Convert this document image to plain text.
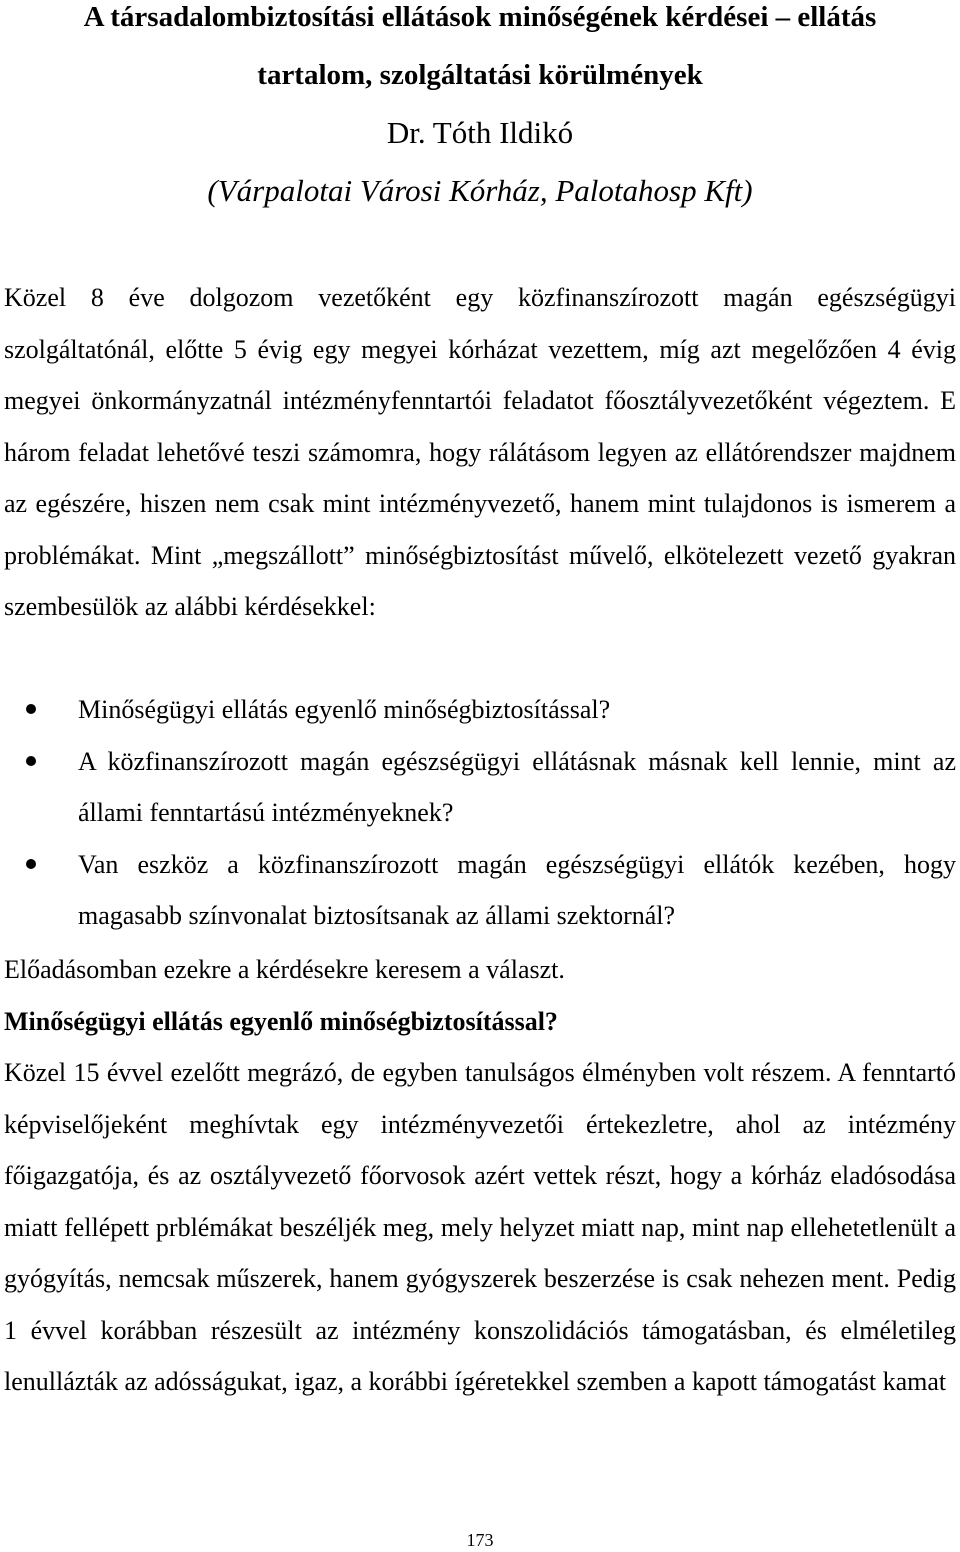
A társadalombiztosítási ellátások minőségének kérdései – ellátás
tartalom, szolgáltatási körülmények
Dr. Tóth Ildikó
(Várpalotai Városi Kórház, Palotahosp Kft)

Közel 8 éve dolgozom vezetőként egy közfinanszírozott magán egészségügyi szolgáltatónál, előtte 5 évig egy megyei kórházat vezettem, míg azt megelőzően 4 évig megyei önkormányzatnál intézményfenntartói feladatot főosztályvezetőként végeztem. E három feladat lehetővé teszi számomra, hogy rálátásom legyen az ellátórendszer majdnem az egészére, hiszen nem csak mint intézményvezető, hanem mint tulajdonos is ismerem a problémákat. Mint „megszállott” minőségbiztosítást művelő, elkötelezett vezető gyakran szembesülök az alábbi kérdésekkel:

Minőségügyi ellátás egyenlő minőségbiztosítással?
A közfinanszírozott magán egészségügyi ellátásnak másnak kell lennie, mint az állami fenntartású intézményeknek?
Van eszköz a közfinanszírozott magán egészségügyi ellátók kezében, hogy magasabb színvonalat biztosítsanak az állami szektornál?
Előadásomban ezekre a kérdésekre keresem a választ.
Minőségügyi ellátás egyenlő minőségbiztosítással?

Közel 15 évvel ezelőtt megrázó, de egyben tanulságos élményben volt részem. A fenntartó képviselőjeként meghívtak egy intézményvezetői értekezletre, ahol az intézmény főigazgatója, és az osztályvezető főorvosok azért vettek részt, hogy a kórház eladósodása miatt fellépett prblémákat beszéljék meg, mely helyzet miatt nap, mint nap ellehetetlenült a gyógyítás, nemcsak műszerek, hanem gyógyszerek beszerzése is csak nehezen ment. Pedig 1 évvel korábban részesült az intézmény konszolidációs támogatásban, és elméletileg lenullázták az adósságukat, igaz, a korábbi ígéretekkel szemben a kapott támogatást kamat

173
